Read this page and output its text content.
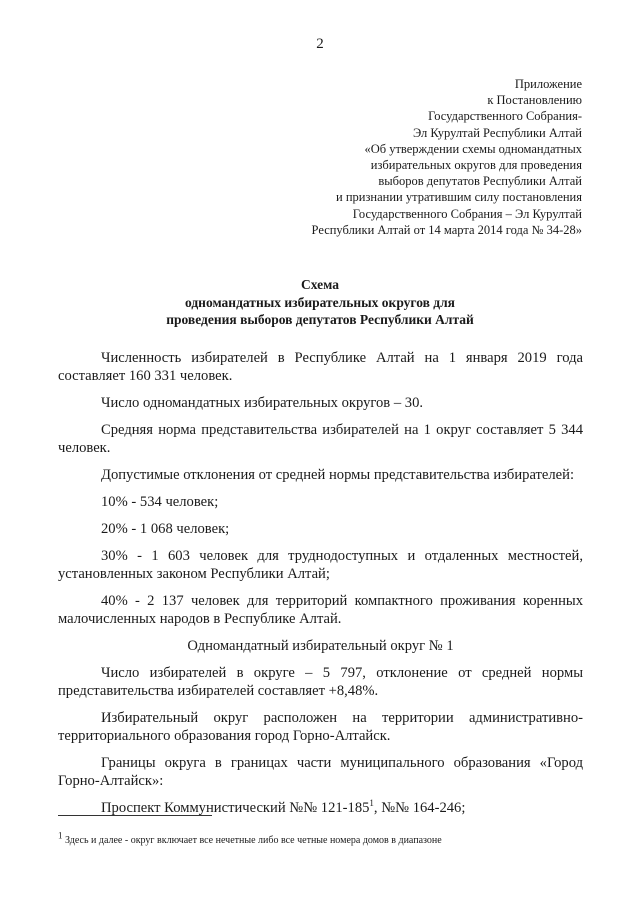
2
Приложение
к Постановлению
Государственного Собрания-
Эл Курултай Республики Алтай
«Об утверждении схемы одномандатных
избирательных округов для проведения
выборов депутатов Республики Алтай
и признании утратившим силу постановления
Государственного Собрания – Эл Курултай
Республики Алтай от 14 марта 2014 года № 34-28»
Схема
одномандатных избирательных округов для
проведения выборов депутатов Республики Алтай

Численность избирателей в Республике Алтай на 1 января 2019 года составляет 160 331 человек.

Число одномандатных избирательных округов – 30.

Средняя норма представительства избирателей на 1 округ составляет 5 344 человек.

Допустимые отклонения от средней нормы представительства избирателей:

10% - 534 человек;

20% - 1 068 человек;

30% - 1 603 человек для труднодоступных и отдаленных местностей, установленных законом Республики Алтай;

40% - 2 137 человек для территорий компактного проживания коренных малочисленных народов в Республике Алтай.

Одномандатный избирательный округ № 1

Число избирателей в округе – 5 797, отклонение от средней нормы представительства избирателей составляет +8,48%.

Избирательный округ расположен на территории административно-территориального образования город Горно-Алтайск.

Границы округа в границах части муниципального образования «Город Горно-Алтайск»:

Проспект Коммунистический №№ $121-185^1$, №№ 164-246;

$^1$ Здесь и далее - округ включает все нечетные либо все четные номера домов в диапазоне
